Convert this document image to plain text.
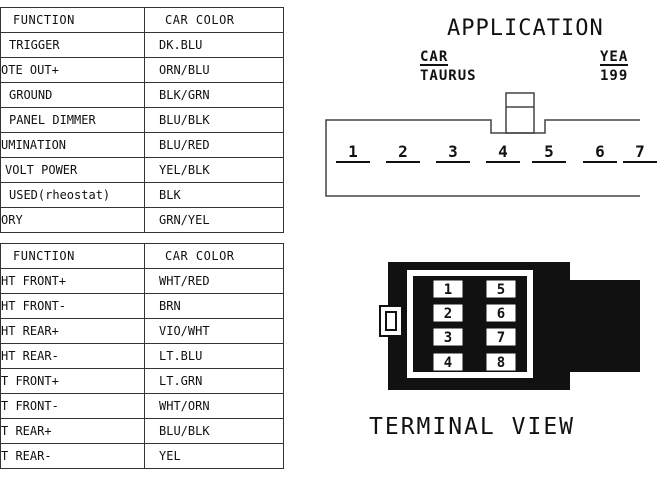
FUNCTION	CAR COLOR
TRIGGER	DK.BLU
OTE OUT+	ORN/BLU
GROUND	BLK/GRN
PANEL DIMMER	BLU/BLK
UMINATION	BLU/RED
VOLT POWER	YEL/BLK
USED(rheostat)	BLK
ORY	GRN/YEL
FUNCTION	CAR COLOR
HT FRONT+	WHT/RED
HT FRONT-	BRN
HT REAR+	VIO/WHT
HT REAR-	LT.BLU
T FRONT+	LT.GRN
T FRONT-	WHT/ORN
T REAR+	BLU/BLK
T REAR-	YEL
APPLICATION
CAR
TAURUS
YEA
199
1
2
3
4
5
6
7
8
1	2	3	4	5	6	7
TERMINAL VIEW
